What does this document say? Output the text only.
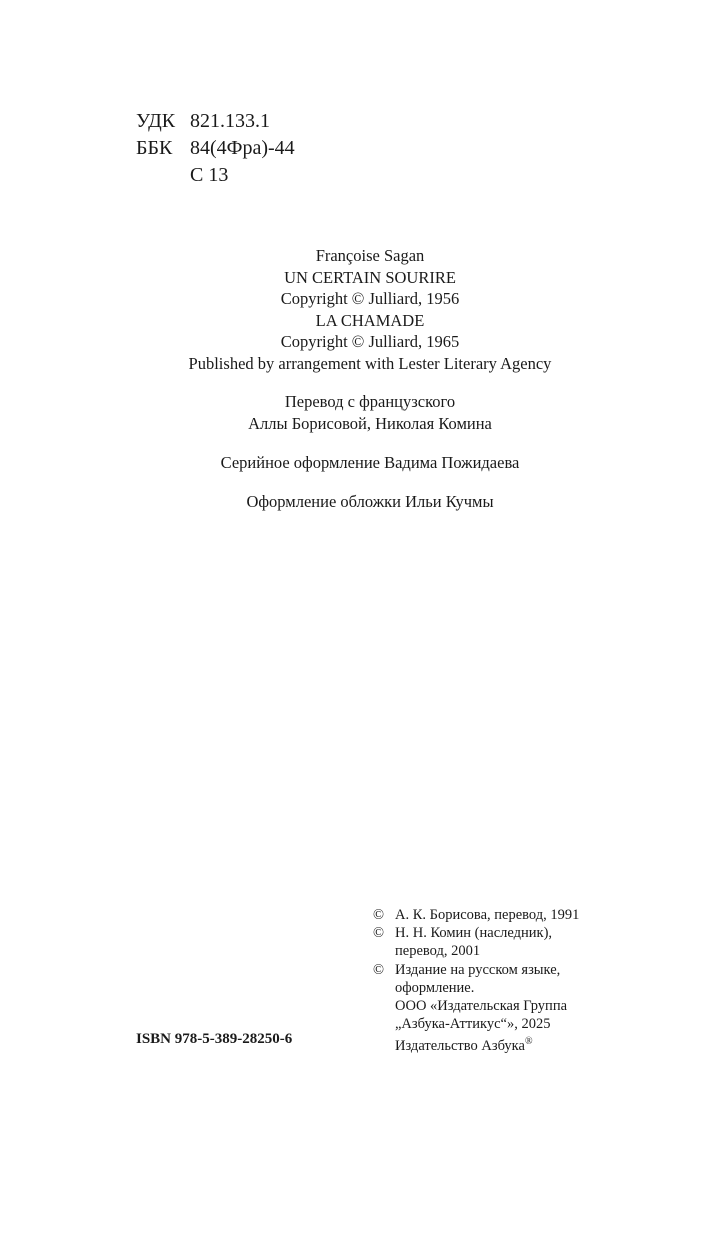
УДК 821.133.1
ББК 84(4Фра)-44
С 13
Françoise Sagan
UN CERTAIN SOURIRE
Copyright © Julliard, 1956
LA CHAMADE
Copyright © Julliard, 1965
Published by arrangement with Lester Literary Agency
Перевод с французского
Аллы Борисовой, Николая Комина
Серийное оформление Вадима Пожидаева
Оформление обложки Ильи Кучмы
ISBN 978-5-389-28250-6
© А. К. Борисова, перевод, 1991
© Н. Н. Комин (наследник),
перевод, 2001
© Издание на русском языке,
оформление.
ООО «Издательская Группа
„Азбука-Аттикус“», 2025
Издательство Азбука®
